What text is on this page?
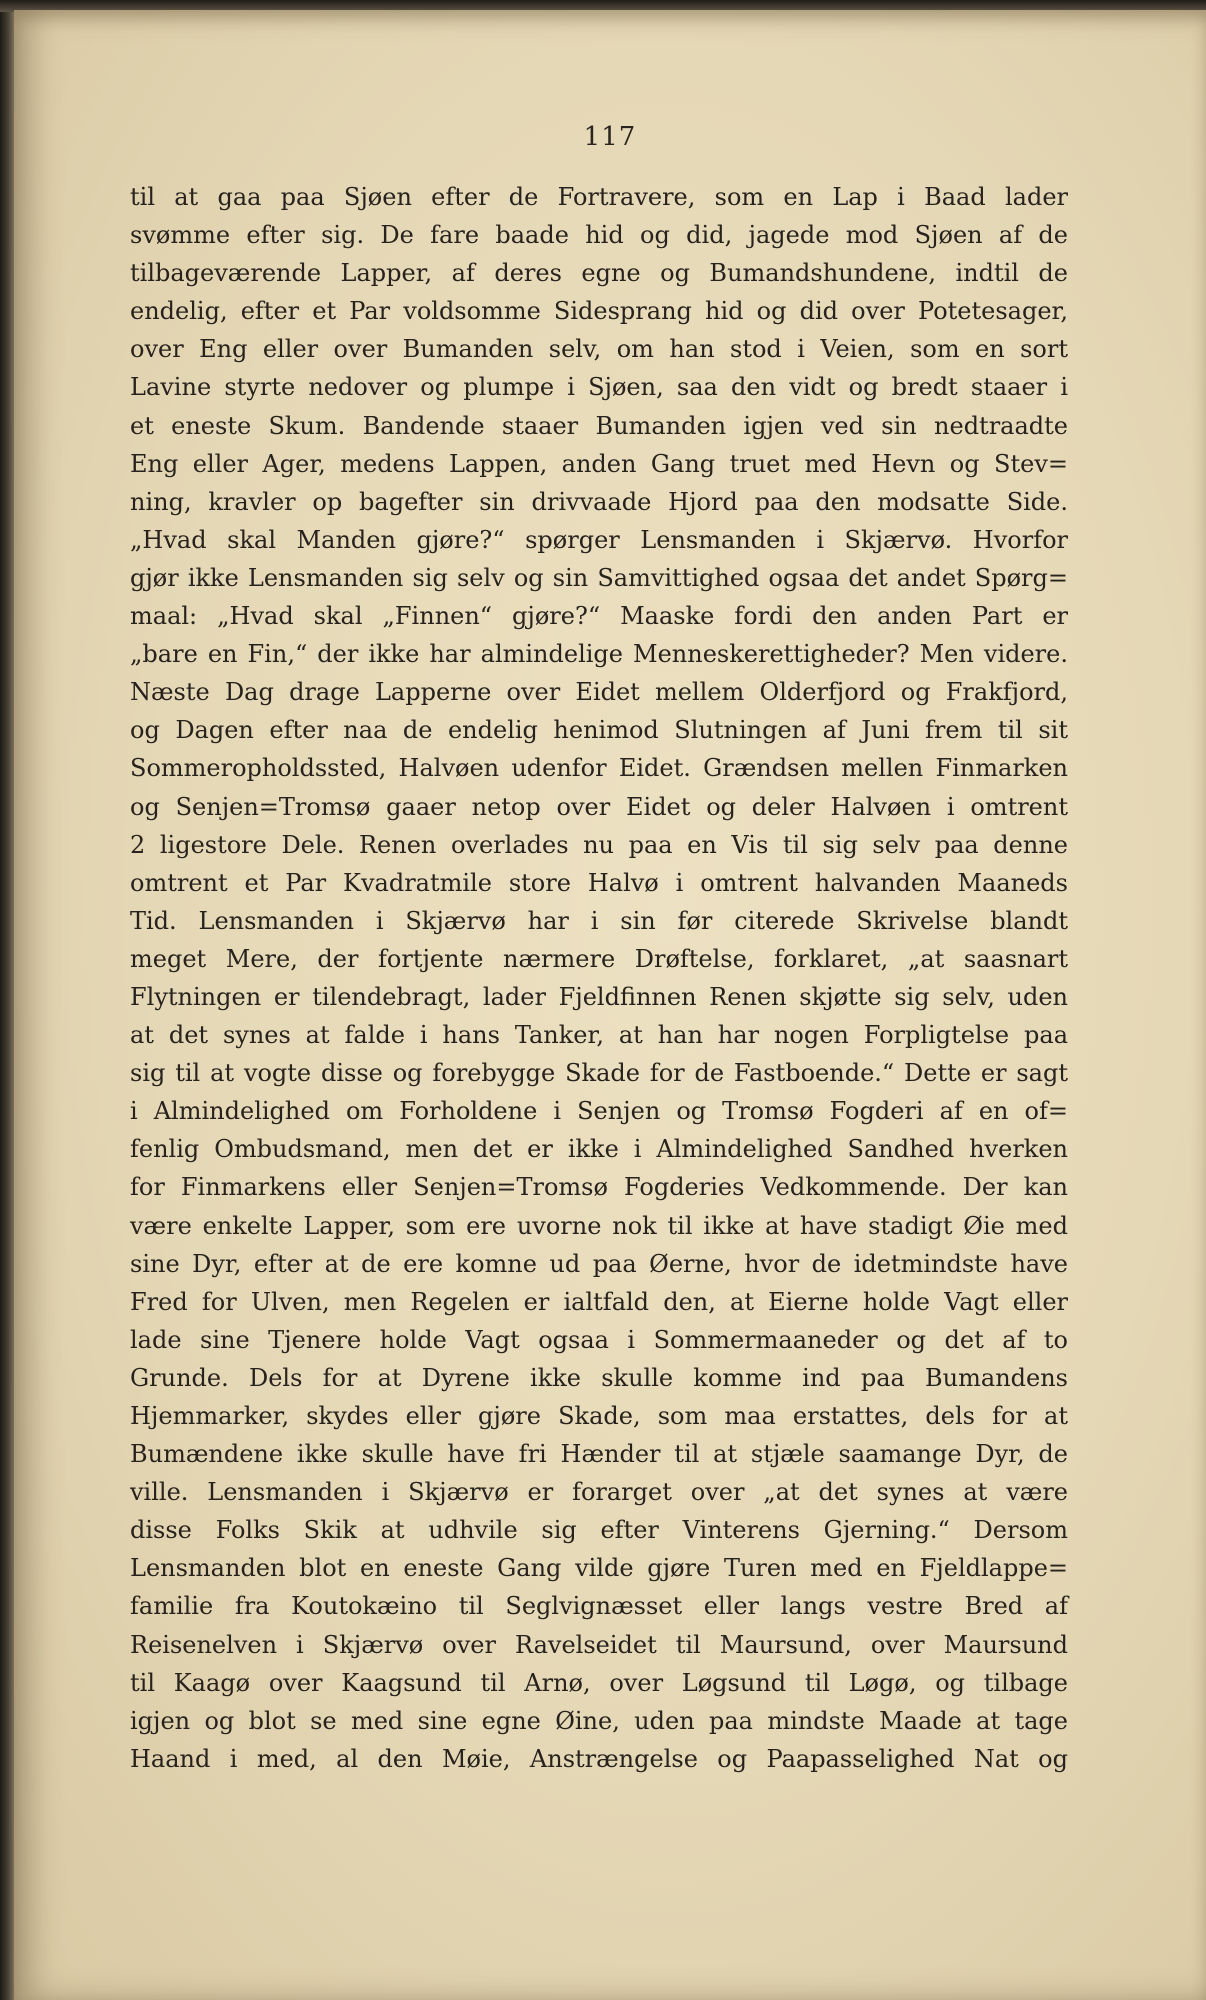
117
til at gaa paa Sjøen efter de Fortravere, som en Lap i Baad lader
svømme efter sig. De fare baade hid og did, jagede mod Sjøen af de
tilbageværende Lapper, af deres egne og Bumandshundene, indtil de
endelig, efter et Par voldsomme Sidesprang hid og did over Potetesager,
over Eng eller over Bumanden selv, om han stod i Veien, som en sort
Lavine styrte nedover og plumpe i Sjøen, saa den vidt og bredt staaer i
et eneste Skum. Bandende staaer Bumanden igjen ved sin nedtraadte
Eng eller Ager, medens Lappen, anden Gang truet med Hevn og Stev=
ning, kravler op bagefter sin drivvaade Hjord paa den modsatte Side.
„Hvad skal Manden gjøre?“ spørger Lensmanden i Skjærvø. Hvorfor
gjør ikke Lensmanden sig selv og sin Samvittighed ogsaa det andet Spørg=
maal: „Hvad skal „Finnen“ gjøre?“ Maaske fordi den anden Part er
„bare en Fin,“ der ikke har almindelige Menneskerettigheder? Men videre.
Næste Dag drage Lapperne over Eidet mellem Olderfjord og Frakfjord,
og Dagen efter naa de endelig henimod Slutningen af Juni frem til sit
Sommeropholdssted, Halvøen udenfor Eidet. Grændsen mellen Finmarken
og Senjen=Tromsø gaaer netop over Eidet og deler Halvøen i omtrent
2 ligestore Dele. Renen overlades nu paa en Vis til sig selv paa denne
omtrent et Par Kvadratmile store Halvø i omtrent halvanden Maaneds
Tid. Lensmanden i Skjærvø har i sin før citerede Skrivelse blandt
meget Mere, der fortjente nærmere Drøftelse, forklaret, „at saasnart
Flytningen er tilendebragt, lader Fjeldfinnen Renen skjøtte sig selv, uden
at det synes at falde i hans Tanker, at han har nogen Forpligtelse paa
sig til at vogte disse og forebygge Skade for de Fastboende.“ Dette er sagt
i Almindelighed om Forholdene i Senjen og Tromsø Fogderi af en of=
fenlig Ombudsmand, men det er ikke i Almindelighed Sandhed hverken
for Finmarkens eller Senjen=Tromsø Fogderies Vedkommende. Der kan
være enkelte Lapper, som ere uvorne nok til ikke at have stadigt Øie med
sine Dyr, efter at de ere komne ud paa Øerne, hvor de idetmindste have
Fred for Ulven, men Regelen er ialtfald den, at Eierne holde Vagt eller
lade sine Tjenere holde Vagt ogsaa i Sommermaaneder og det af to
Grunde. Dels for at Dyrene ikke skulle komme ind paa Bumandens
Hjemmarker, skydes eller gjøre Skade, som maa erstattes, dels for at
Bumændene ikke skulle have fri Hænder til at stjæle saamange Dyr, de
ville. Lensmanden i Skjærvø er forarget over „at det synes at være
disse Folks Skik at udhvile sig efter Vinterens Gjerning.“ Dersom
Lensmanden blot en eneste Gang vilde gjøre Turen med en Fjeldlappe=
familie fra Koutokæino til Seglvignæsset eller langs vestre Bred af
Reisenelven i Skjærvø over Ravelseidet til Maursund, over Maursund
til Kaagø over Kaagsund til Arnø, over Løgsund til Løgø, og tilbage
igjen og blot se med sine egne Øine, uden paa mindste Maade at tage
Haand i med, al den Møie, Anstrængelse og Paapasselighed Nat og
